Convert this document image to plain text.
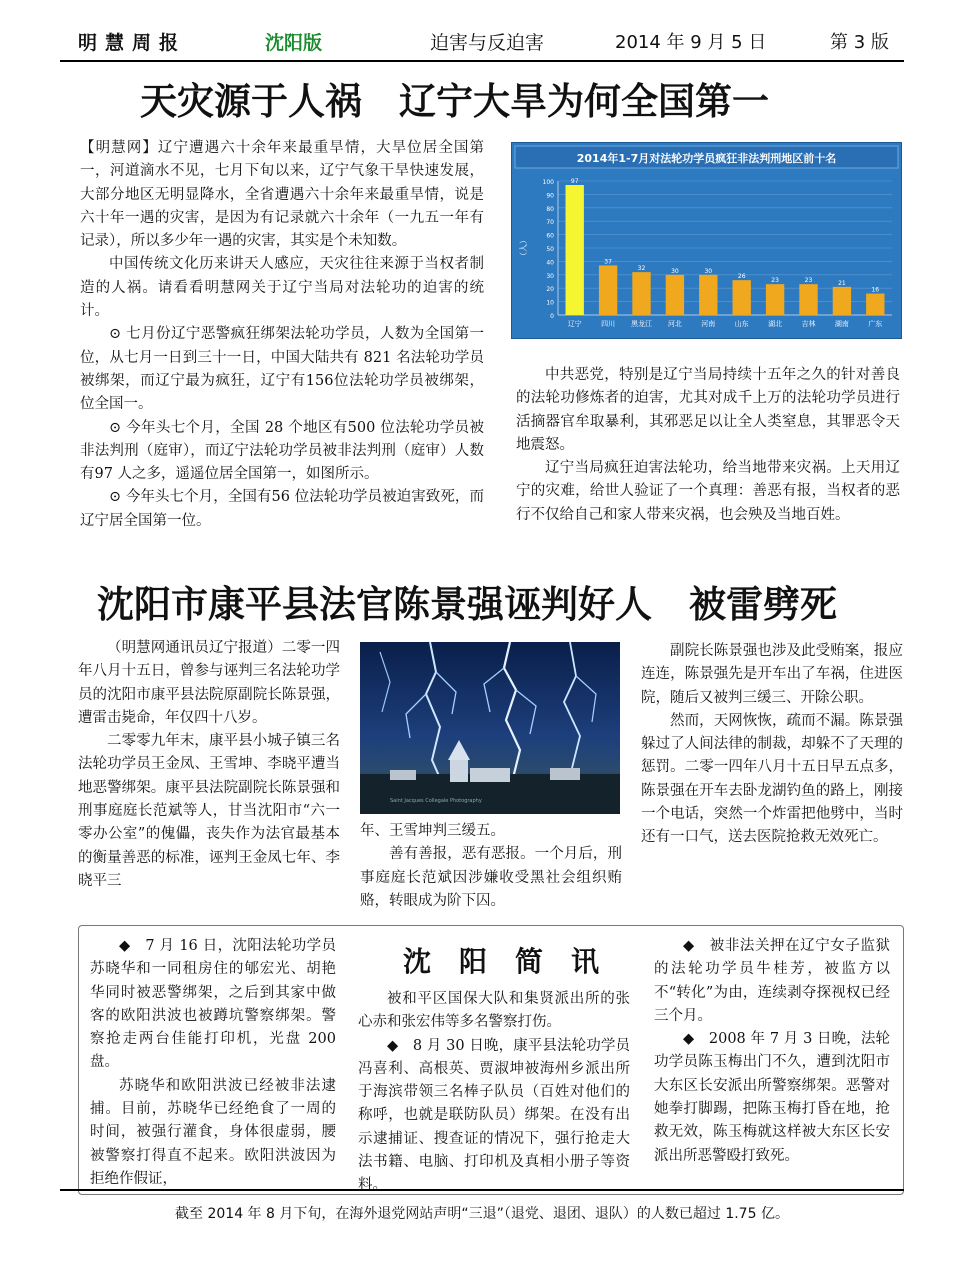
明慧周报	沈阳版	迫害与反迫害	2014 年 9 月 5 日	第 3 版
天灾源于人祸　辽宁大旱为何全国第一

【明慧网】辽宁遭遇六十余年来最重旱情，大旱位居全国第一，河道滴水不见，七月下旬以来，辽宁气象干旱快速发展，大部分地区无明显降水，全省遭遇六十余年来最重旱情，说是六十年一遇的灾害，是因为有记录就六十余年（一九五一年有记录），所以多少年一遇的灾害，其实是个未知数。

中国传统文化历来讲天人感应，天灾往往来源于当权者制造的人祸。请看看明慧网关于辽宁当局对法轮功的迫害的统计。

⊙ 七月份辽宁恶警疯狂绑架法轮功学员，人数为全国第一位，从七月一日到三十一日，中国大陆共有 821 名法轮功学员被绑架，而辽宁最为疯狂，辽宁有156位法轮功学员被绑架，位全国一。

⊙ 今年头七个月，全国 28 个地区有500 位法轮功学员被非法判刑（庭审），而辽宁法轮功学员被非法判刑（庭审）人数有97 人之多，遥遥位居全国第一，如图所示。

⊙ 今年头七个月，全国有56 位法轮功学员被迫害致死，而辽宁居全国第一位。

2014年1-7月对法轮功学员疯狂非法判刑地区前十名
0
10
20
30
40
50
60
70
80
90
100
（人）
97
辽宁
37
四川
32
黑龙江
30
河北
30
河南
26
山东
23
湖北
23
吉林
21
湖南
16
广东

中共恶党，特别是辽宁当局持续十五年之久的针对善良的法轮功修炼者的迫害，尤其对成千上万的法轮功学员进行活摘器官牟取暴利，其邪恶足以让全人类窒息，其罪恶令天地震怒。

辽宁当局疯狂迫害法轮功，给当地带来灾祸。上天用辽宁的灾难，给世人验证了一个真理：善恶有报，当权者的恶行不仅给自己和家人带来灾祸，也会殃及当地百姓。

沈阳市康平县法官陈景强诬判好人　被雷劈死

（明慧网通讯员辽宁报道）二零一四年八月十五日，曾参与诬判三名法轮功学员的沈阳市康平县法院原副院长陈景强，遭雷击毙命，年仅四十八岁。

二零零九年末，康平县小城子镇三名法轮功学员王金凤、王雪坤、李晓平遭当地恶警绑架。康平县法院副院长陈景强和刑事庭庭长范斌等人，甘当沈阳市“六一零办公室”的傀儡，丧失作为法官最基本的衡量善恶的标准，诬判王金凤七年、李晓平三

Saint Jacques Collegale Photography

年、王雪坤判三缓五。

善有善报，恶有恶报。一个月后，刑事庭庭长范斌因涉嫌收受黑社会组织贿赂，转眼成为阶下囚。

副院长陈景强也涉及此受贿案，报应连连，陈景强先是开车出了车祸，住进医院，随后又被判三缓三、开除公职。

然而，天网恢恢，疏而不漏。陈景强躲过了人间法律的制裁，却躲不了天理的惩罚。二零一四年八月十五日早五点多，陈景强在开车去卧龙湖钓鱼的路上，刚接一个电话，突然一个炸雷把他劈中，当时还有一口气，送去医院抢救无效死亡。

沈　阳　简　讯

◆　7 月 16 日，沈阳法轮功学员苏晓华和一同租房住的郇宏光、胡艳华同时被恶警绑架，之后到其家中做客的欧阳洪波也被蹲坑警察绑架。警察抢走两台佳能打印机，光盘 200 盘。

苏晓华和欧阳洪波已经被非法逮捕。目前，苏晓华已经绝食了一周的时间，被强行灌食，身体很虚弱，腰被警察打得直不起来。欧阳洪波因为拒绝作假证，

被和平区国保大队和集贤派出所的张心赤和张宏伟等多名警察打伤。

◆　8 月 30 日晚，康平县法轮功学员冯喜利、高根英、贾淑坤被海州乡派出所于海滨带领三名棒子队员（百姓对他们的称呼，也就是联防队员）绑架。在没有出示逮捕证、搜查证的情况下，强行抢走大法书籍、电脑、打印机及真相小册子等资料。

◆　被非法关押在辽宁女子监狱的法轮功学员牛桂芳，被监方以不“转化”为由，连续剥夺探视权已经三个月。

◆　2008 年 7 月 3 日晚，法轮功学员陈玉梅出门不久，遭到沈阳市大东区长安派出所警察绑架。恶警对她拳打脚踢，把陈玉梅打昏在地，抢救无效，陈玉梅就这样被大东区长安派出所恶警殴打致死。

截至 2014 年 8 月下旬，在海外退党网站声明“三退”（退党、退团、退队）的人数已超过 1.75 亿。
